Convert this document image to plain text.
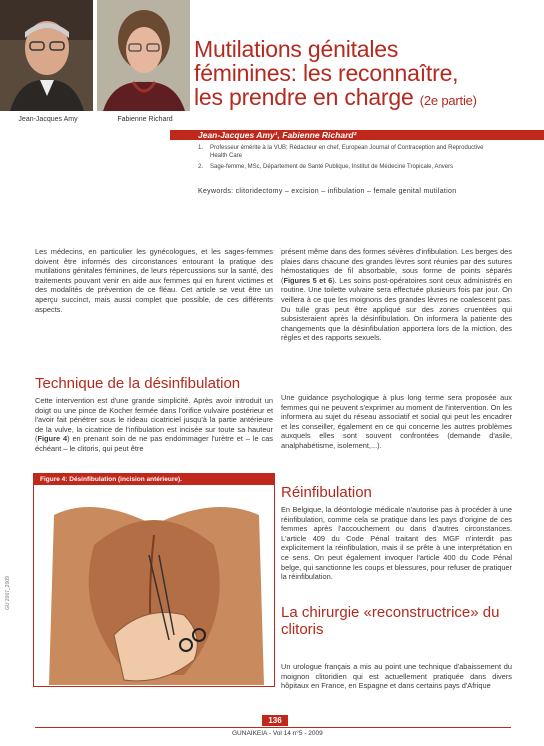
Jean-Jacques Amy	Fabienne Richard
Mutilations génitales
féminines: les reconnaître,
les prendre en charge (2e partie)
Jean-Jacques Amy¹, Fabienne Richard²
1. Professeur émérite à la VUB; Rédacteur en chef, European Journal of Contraception and Reproductive
Health Care
2. Sage-femme, MSc, Département de Santé Publique, Institut de Médecine Tropicale, Anvers
Keywords: clitoridectomy – excision – infibulation – female genital mutilation

Les médecins, en particulier les gynécologues, et les sages-femmes doivent être informés des circonstances entourant la pratique des mutilations génitales féminines, de leurs répercussions sur la santé, des traitements pouvant venir en aide aux femmes qui en furent victimes et des modalités de prévention de ce fléau. Cet article se veut être un aperçu succinct, mais aussi complet que possible, de ces différents aspects.

Technique de la désinfibulation

Cette intervention est d'une grande simplicité. Après avoir introduit un doigt ou une pince de Kocher fermée dans l'orifice vulvaire postérieur et l'avoir fait pénétrer sous le rideau cicatriciel jusqu'à la partie antérieure de la vulve, la cicatrice de l'infibulation est incisée sur toute sa hauteur (Figure 4) en prenant soin de ne pas endommager l'urètre et – le cas échéant – le clitoris, qui peut être

Figure 4: Désinfibulation (incision antérieure).

présent même dans des formes sévères d'infibulation. Les berges des plaies dans chacune des grandes lèvres sont réunies par des sutures hémostatiques de fil absorbable, sous forme de points séparés (Figures 5 et 6). Les soins post-opératoires sont ceux administrés en routine. Une toilette vulvaire sera effectuée plusieurs fois par jour. On veillera à ce que les moignons des grandes lèvres ne coalescent pas. Du tulle gras peut être appliqué sur des zones cruentées qui subsisteraient après la désinfibulation. On informera la patiente des changements que la désinfibulation apportera lors de la miction, des règles et des rapports sexuels.

Une guidance psychologique à plus long terme sera proposée aux femmes qui ne peuvent s'exprimer au moment de l'intervention. On les informera au sujet du réseau associatif et social qui peut les encadrer et les conseiller, également en ce qui concerne les autres problèmes auxquels elles sont souvent confrontées (demande d'asile, analphabétisme, isolement,...).

Réinfibulation

En Belgique, la déontologie médicale n'autorise pas à procéder à une réinfibulation, comme cela se pratique dans les pays d'origine de ces femmes après l'accouchement ou dans d'autres circonstances. L'article 409 du Code Pénal traitant des MGF n'interdit pas explicitement la réinfibulation, mais il se prête à une interprétation en ce sens. On peut également invoquer l'article 400 du Code Pénal belge, qui sanctionne les coups et blessures, pour refuser de pratiquer la réinfibulation.

La chirurgie «reconstructrice» du clitoris

Un urologue français a mis au point une technique d'abaissement du moignon clitoridien qui est actuellement pratiquée dans divers hôpitaux en France, en Espagne et dans certains pays d'Afrique

GU 2007_2009
136
GUNAIKEIA - Vol 14 n°5 - 2009
